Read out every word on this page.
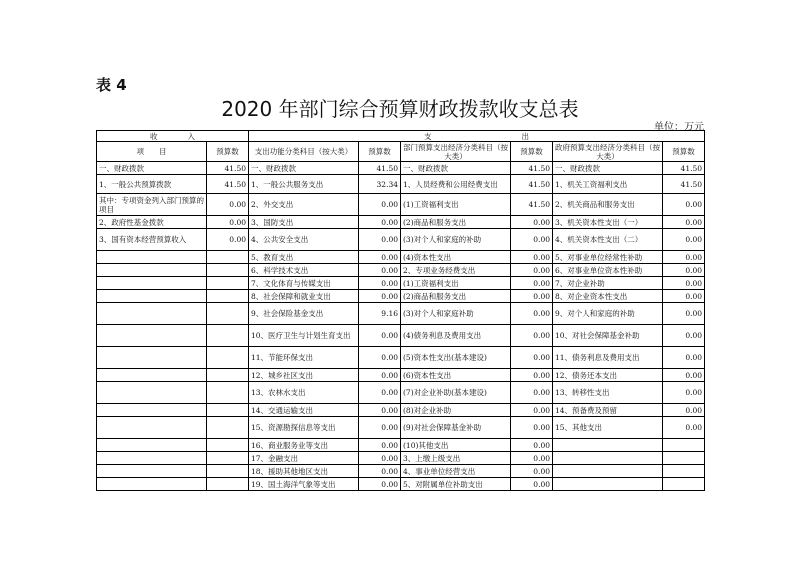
表 4
2020 年部门综合预算财政拨款收支总表
单位：万元
收　　　　入		支　　　　　　　　　　　　出					
项　　目	预算数	支出功能分类科目（按大类）	预算数	部门预算支出经济分类科目（按大类）	预算数	政府预算支出经济分类科目（按大类）	预算数
一、财政拨款	41.50	一、财政拨款	41.50	一、财政拨款	41.50	一、财政拨款	41.50
1、一般公共预算拨款	41.50	1、一般公共服务支出	32.34	1、人员经费和公用经费支出	41.50	1、机关工资福利支出	41.50
其中：专项资金列入部门预算的项目	0.00	2、外交支出	0.00	(1)工资福利支出	41.50	2、机关商品和服务支出	0.00
2、政府性基金拨款	0.00	3、国防支出	0.00	(2)商品和服务支出	0.00	3、机关资本性支出（一）	0.00
3、国有资本经营预算收入	0.00	4、公共安全支出	0.00	(3)对个人和家庭的补助	0.00	4、机关资本性支出（二）	0.00
		5、教育支出	0.00	(4)资本性支出	0.00	5、对事业单位经常性补助	0.00
		6、科学技术支出	0.00	2、专项业务经费支出	0.00	6、对事业单位资本性补助	0.00
		7、文化体育与传媒支出	0.00	(1)工资福利支出	0.00	7、对企业补助	0.00
		8、社会保障和就业支出	0.00	(2)商品和服务支出	0.00	8、对企业资本性支出	0.00
		9、社会保险基金支出	9.16	(3)对个人和家庭补助	0.00	9、对个人和家庭的补助	0.00
		10、医疗卫生与计划生育支出	0.00	(4)债务利息及费用支出	0.00	10、对社会保障基金补助	0.00
		11、节能环保支出	0.00	(5)资本性支出(基本建设)	0.00	11、债务利息及费用支出	0.00
		12、城乡社区支出	0.00	(6)资本性支出	0.00	12、债务还本支出	0.00
		13、农林水支出	0.00	(7)对企业补助(基本建设)	0.00	13、转移性支出	0.00
		14、交通运输支出	0.00	(8)对企业补助	0.00	14、预备费及预留	0.00
		15、资源勘探信息等支出	0.00	(9)对社会保障基金补助	0.00	15、其他支出	0.00
		16、商业服务业等支出	0.00	(10)其他支出	0.00		
		17、金融支出	0.00	3、上缴上级支出	0.00		
		18、援助其他地区支出	0.00	4、事业单位经营支出	0.00		
		19、国土海洋气象等支出	0.00	5、对附属单位补助支出	0.00		
